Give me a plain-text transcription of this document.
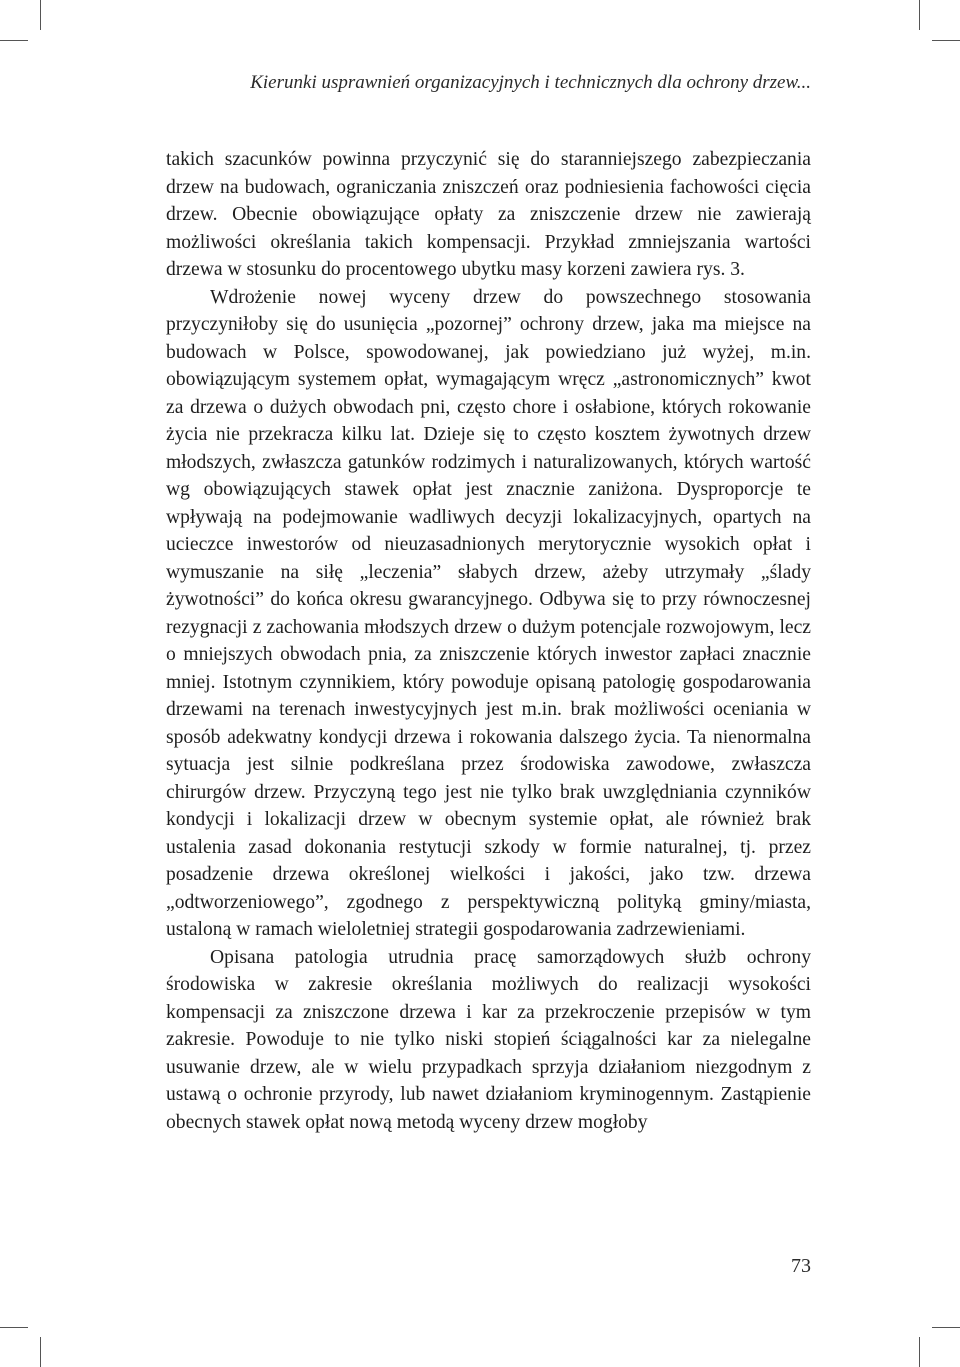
Kierunki usprawnień organizacyjnych i technicznych dla ochrony drzew...

takich szacunków powinna przyczynić się do staranniejszego zabezpieczania drzew na budowach, ograniczania zniszczeń oraz podniesienia fachowości cięcia drzew. Obecnie obowiązujące opłaty za zniszczenie drzew nie zawierają możliwości określania takich kompensacji. Przykład zmniejszania wartości drzewa w stosunku do procentowego ubytku masy korzeni zawiera rys. 3.

Wdrożenie nowej wyceny drzew do powszechnego stosowania przyczyniłoby się do usunięcia „pozornej” ochrony drzew, jaka ma miejsce na budowach w Polsce, spowodowanej, jak powiedziano już wyżej, m.in. obowiązującym systemem opłat, wymagającym wręcz „astronomicznych” kwot za drzewa o dużych obwodach pni, często chore i osłabione, których rokowanie życia nie przekracza kilku lat. Dzieje się to często kosztem żywotnych drzew młodszych, zwłaszcza gatunków rodzimych i naturalizowanych, których wartość wg obowiązujących stawek opłat jest znacznie zaniżona. Dysproporcje te wpływają na podejmowanie wadliwych decyzji lokalizacyjnych, opartych na ucieczce inwestorów od nieuzasadnionych merytorycznie wysokich opłat i wymuszanie na siłę „leczenia” słabych drzew, ażeby utrzymały „ślady żywotności” do końca okresu gwarancyjnego. Odbywa się to przy równoczesnej rezygnacji z zachowania młodszych drzew o dużym potencjale rozwojowym, lecz o mniejszych obwodach pnia, za zniszczenie których inwestor zapłaci znacznie mniej. Istotnym czynnikiem, który powoduje opisaną patologię gospodarowania drzewami na terenach inwestycyjnych jest m.in. brak możliwości oceniania w sposób adekwatny kondycji drzewa i rokowania dalszego życia. Ta nienormalna sytuacja jest silnie podkreślana przez środowiska zawodowe, zwłaszcza chirurgów drzew. Przyczyną tego jest nie tylko brak uwzględniania czynników kondycji i lokalizacji drzew w obecnym systemie opłat, ale również brak ustalenia zasad dokonania restytucji szkody w formie naturalnej, tj. przez posadzenie drzewa określonej wielkości i jakości, jako tzw. drzewa „odtworzeniowego”, zgodnego z perspektywiczną polityką gminy/miasta, ustaloną w ramach wieloletniej strategii gospodarowania zadrzewieniami.

Opisana patologia utrudnia pracę samorządowych służb ochrony środowiska w zakresie określania możliwych do realizacji wysokości kompensacji za zniszczone drzewa i kar za przekroczenie przepisów w tym zakresie. Powoduje to nie tylko niski stopień ściągalności kar za nielegalne usuwanie drzew, ale w wielu przypadkach sprzyja działaniom niezgodnym z ustawą o ochronie przyrody, lub nawet działaniom kryminogennym. Zastąpienie obecnych stawek opłat nową metodą wyceny drzew mogłoby

73
